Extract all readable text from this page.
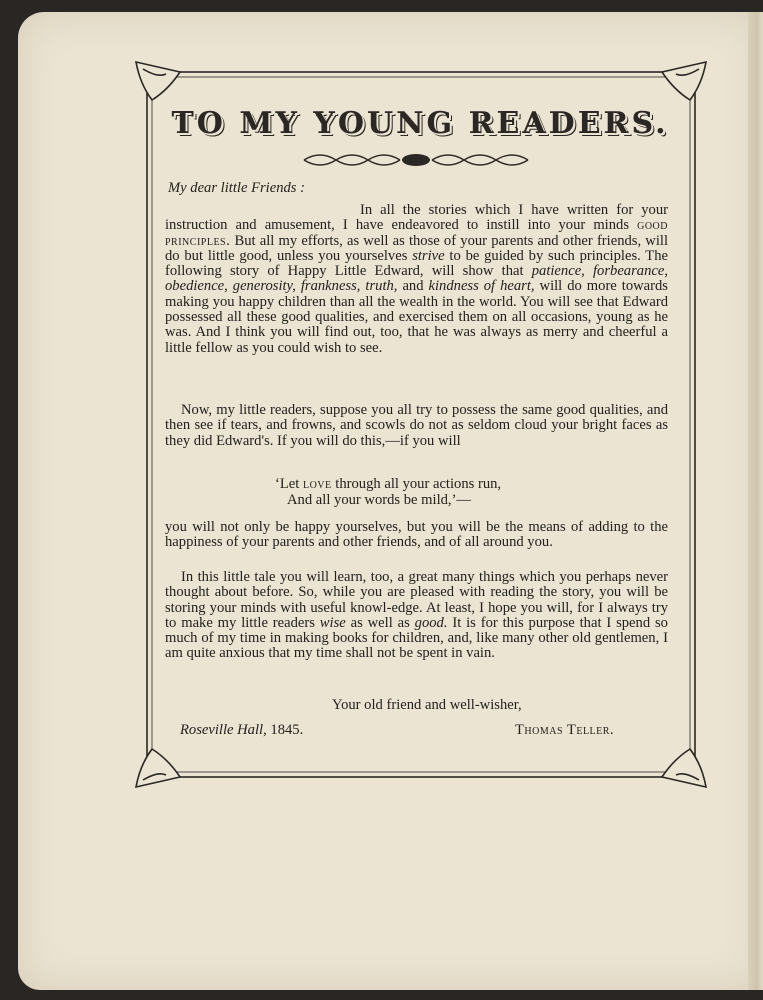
TO MY YOUNG READERS.
My dear little Friends :
In all the stories which I have written for your instruction and amusement, I have endeavored to instill into your minds good principles. But all my efforts, as well as those of your parents and other friends, will do but little good, unless you yourselves strive to be guided by such principles. The following story of Happy Little Edward, will show that patience, forbearance, obedience, generosity, frankness, truth, and kindness of heart, will do more towards making you happy children than all the wealth in the world. You will see that Edward possessed all these good qualities, and exercised them on all occasions, young as he was. And I think you will find out, too, that he was always as merry and cheerful a little fellow as you could wish to see.
Now, my little readers, suppose you all try to possess the same good qualities, and then see if tears, and frowns, and scowls do not as seldom cloud your bright faces as they did Edward's. If you will do this,—if you will
‘Let love through all your actions run,
And all your words be mild,’—
you will not only be happy yourselves, but you will be the means of adding to the happiness of your parents and other friends, and of all around you.
In this little tale you will learn, too, a great many things which you perhaps never thought about before. So, while you are pleased with reading the story, you will be storing your minds with useful knowl-edge. At least, I hope you will, for I always try to make my little readers wise as well as good. It is for this purpose that I spend so much of my time in making books for children, and, like many other old gentlemen, I am quite anxious that my time shall not be spent in vain.
Your old friend and well-wisher,
Roseville Hall, 1845.	Thomas Teller.
